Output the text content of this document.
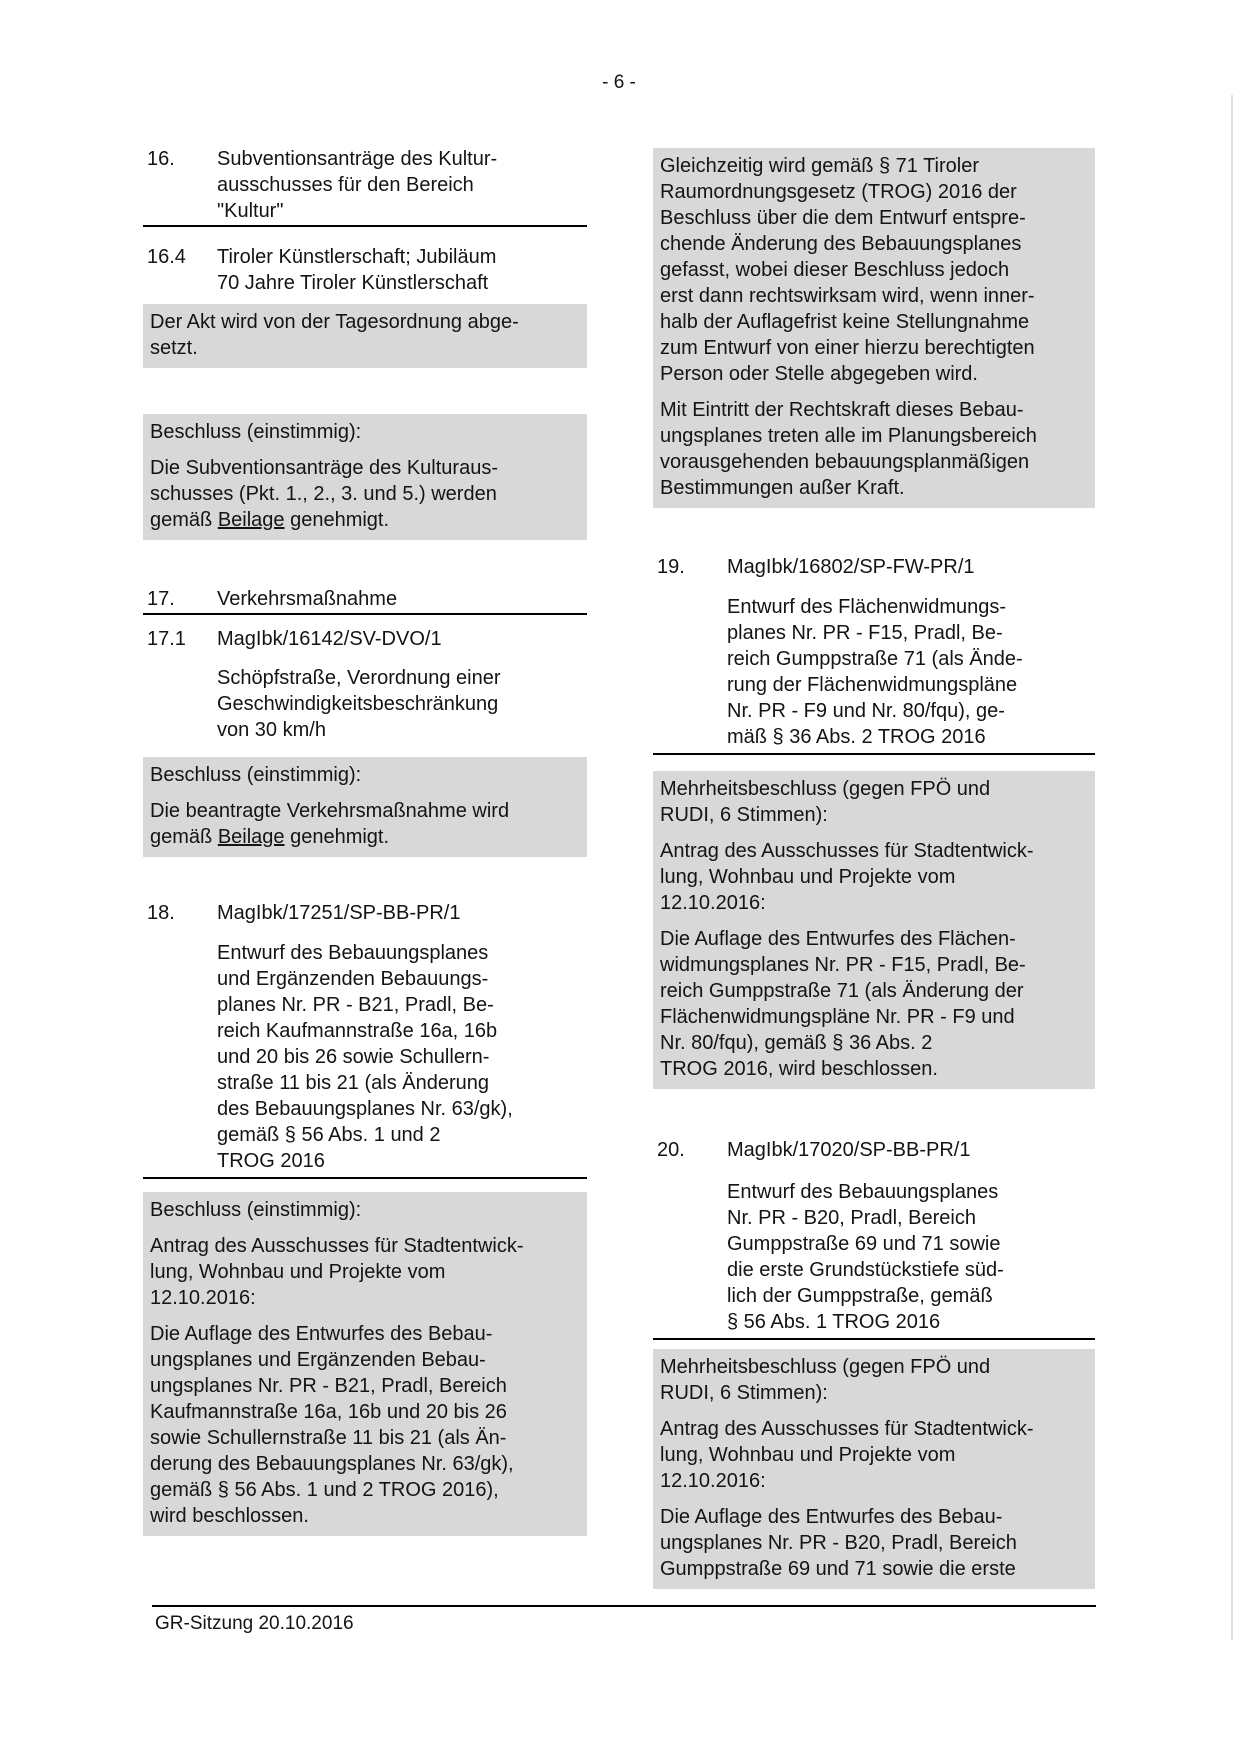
- 6 -
16.	Subventionsanträge des Kultur-
ausschusses für den Bereich
"Kultur"
16.4	Tiroler Künstlerschaft; Jubiläum
70 Jahre Tiroler Künstlerschaft
Der Akt wird von der Tagesordnung abge-
setzt.
Beschluss (einstimmig):
Die Subventionsanträge des Kulturaus-
schusses (Pkt. 1., 2., 3. und 5.) werden
gemäß Beilage genehmigt.
17.	Verkehrsmaßnahme
17.1	MagIbk/16142/SV-DVO/1
Schöpfstraße, Verordnung einer
Geschwindigkeitsbeschränkung
von 30 km/h
Beschluss (einstimmig):
Die beantragte Verkehrsmaßnahme wird
gemäß Beilage genehmigt.
18.	MagIbk/17251/SP-BB-PR/1
Entwurf des Bebauungsplanes
und Ergänzenden Bebauungs-
planes Nr. PR - B21, Pradl, Be-
reich Kaufmannstraße 16a, 16b
und 20 bis 26 sowie Schullern-
straße 11 bis 21 (als Änderung
des Bebauungsplanes Nr. 63/gk),
gemäß § 56 Abs. 1 und 2
TROG 2016
Beschluss (einstimmig):
Antrag des Ausschusses für Stadtentwick-
lung, Wohnbau und Projekte vom
12.10.2016:
Die Auflage des Entwurfes des Bebau-
ungsplanes und Ergänzenden Bebau-
ungsplanes Nr. PR - B21, Pradl, Bereich
Kaufmannstraße 16a, 16b und 20 bis 26
sowie Schullernstraße 11 bis 21 (als Än-
derung des Bebauungsplanes Nr. 63/gk),
gemäß § 56 Abs. 1 und 2 TROG 2016),
wird beschlossen.
Gleichzeitig wird gemäß § 71 Tiroler
Raumordnungsgesetz (TROG) 2016 der
Beschluss über die dem Entwurf entspre-
chende Änderung des Bebauungsplanes
gefasst, wobei dieser Beschluss jedoch
erst dann rechtswirksam wird, wenn inner-
halb der Auflagefrist keine Stellungnahme
zum Entwurf von einer hierzu berechtigten
Person oder Stelle abgegeben wird.
Mit Eintritt der Rechtskraft dieses Bebau-
ungsplanes treten alle im Planungsbereich
vorausgehenden bebauungsplanmäßigen
Bestimmungen außer Kraft.
19.	MagIbk/16802/SP-FW-PR/1
Entwurf des Flächenwidmungs-
planes Nr. PR - F15, Pradl, Be-
reich Gumppstraße 71 (als Ände-
rung der Flächenwidmungspläne
Nr. PR - F9 und Nr. 80/fqu), ge-
mäß § 36 Abs. 2 TROG 2016
Mehrheitsbeschluss (gegen FPÖ und
RUDI, 6 Stimmen):
Antrag des Ausschusses für Stadtentwick-
lung, Wohnbau und Projekte vom
12.10.2016:
Die Auflage des Entwurfes des Flächen-
widmungsplanes Nr. PR - F15, Pradl, Be-
reich Gumppstraße 71 (als Änderung der
Flächenwidmungspläne Nr. PR - F9 und
Nr. 80/fqu), gemäß § 36 Abs. 2
TROG 2016, wird beschlossen.
20.	MagIbk/17020/SP-BB-PR/1
Entwurf des Bebauungsplanes
Nr. PR - B20, Pradl, Bereich
Gumppstraße 69 und 71 sowie
die erste Grundstückstiefe süd-
lich der Gumppstraße, gemäß
§ 56 Abs. 1 TROG 2016
Mehrheitsbeschluss (gegen FPÖ und
RUDI, 6 Stimmen):
Antrag des Ausschusses für Stadtentwick-
lung, Wohnbau und Projekte vom
12.10.2016:
Die Auflage des Entwurfes des Bebau-
ungsplanes Nr. PR - B20, Pradl, Bereich
Gumppstraße 69 und 71 sowie die erste
GR-Sitzung 20.10.2016
